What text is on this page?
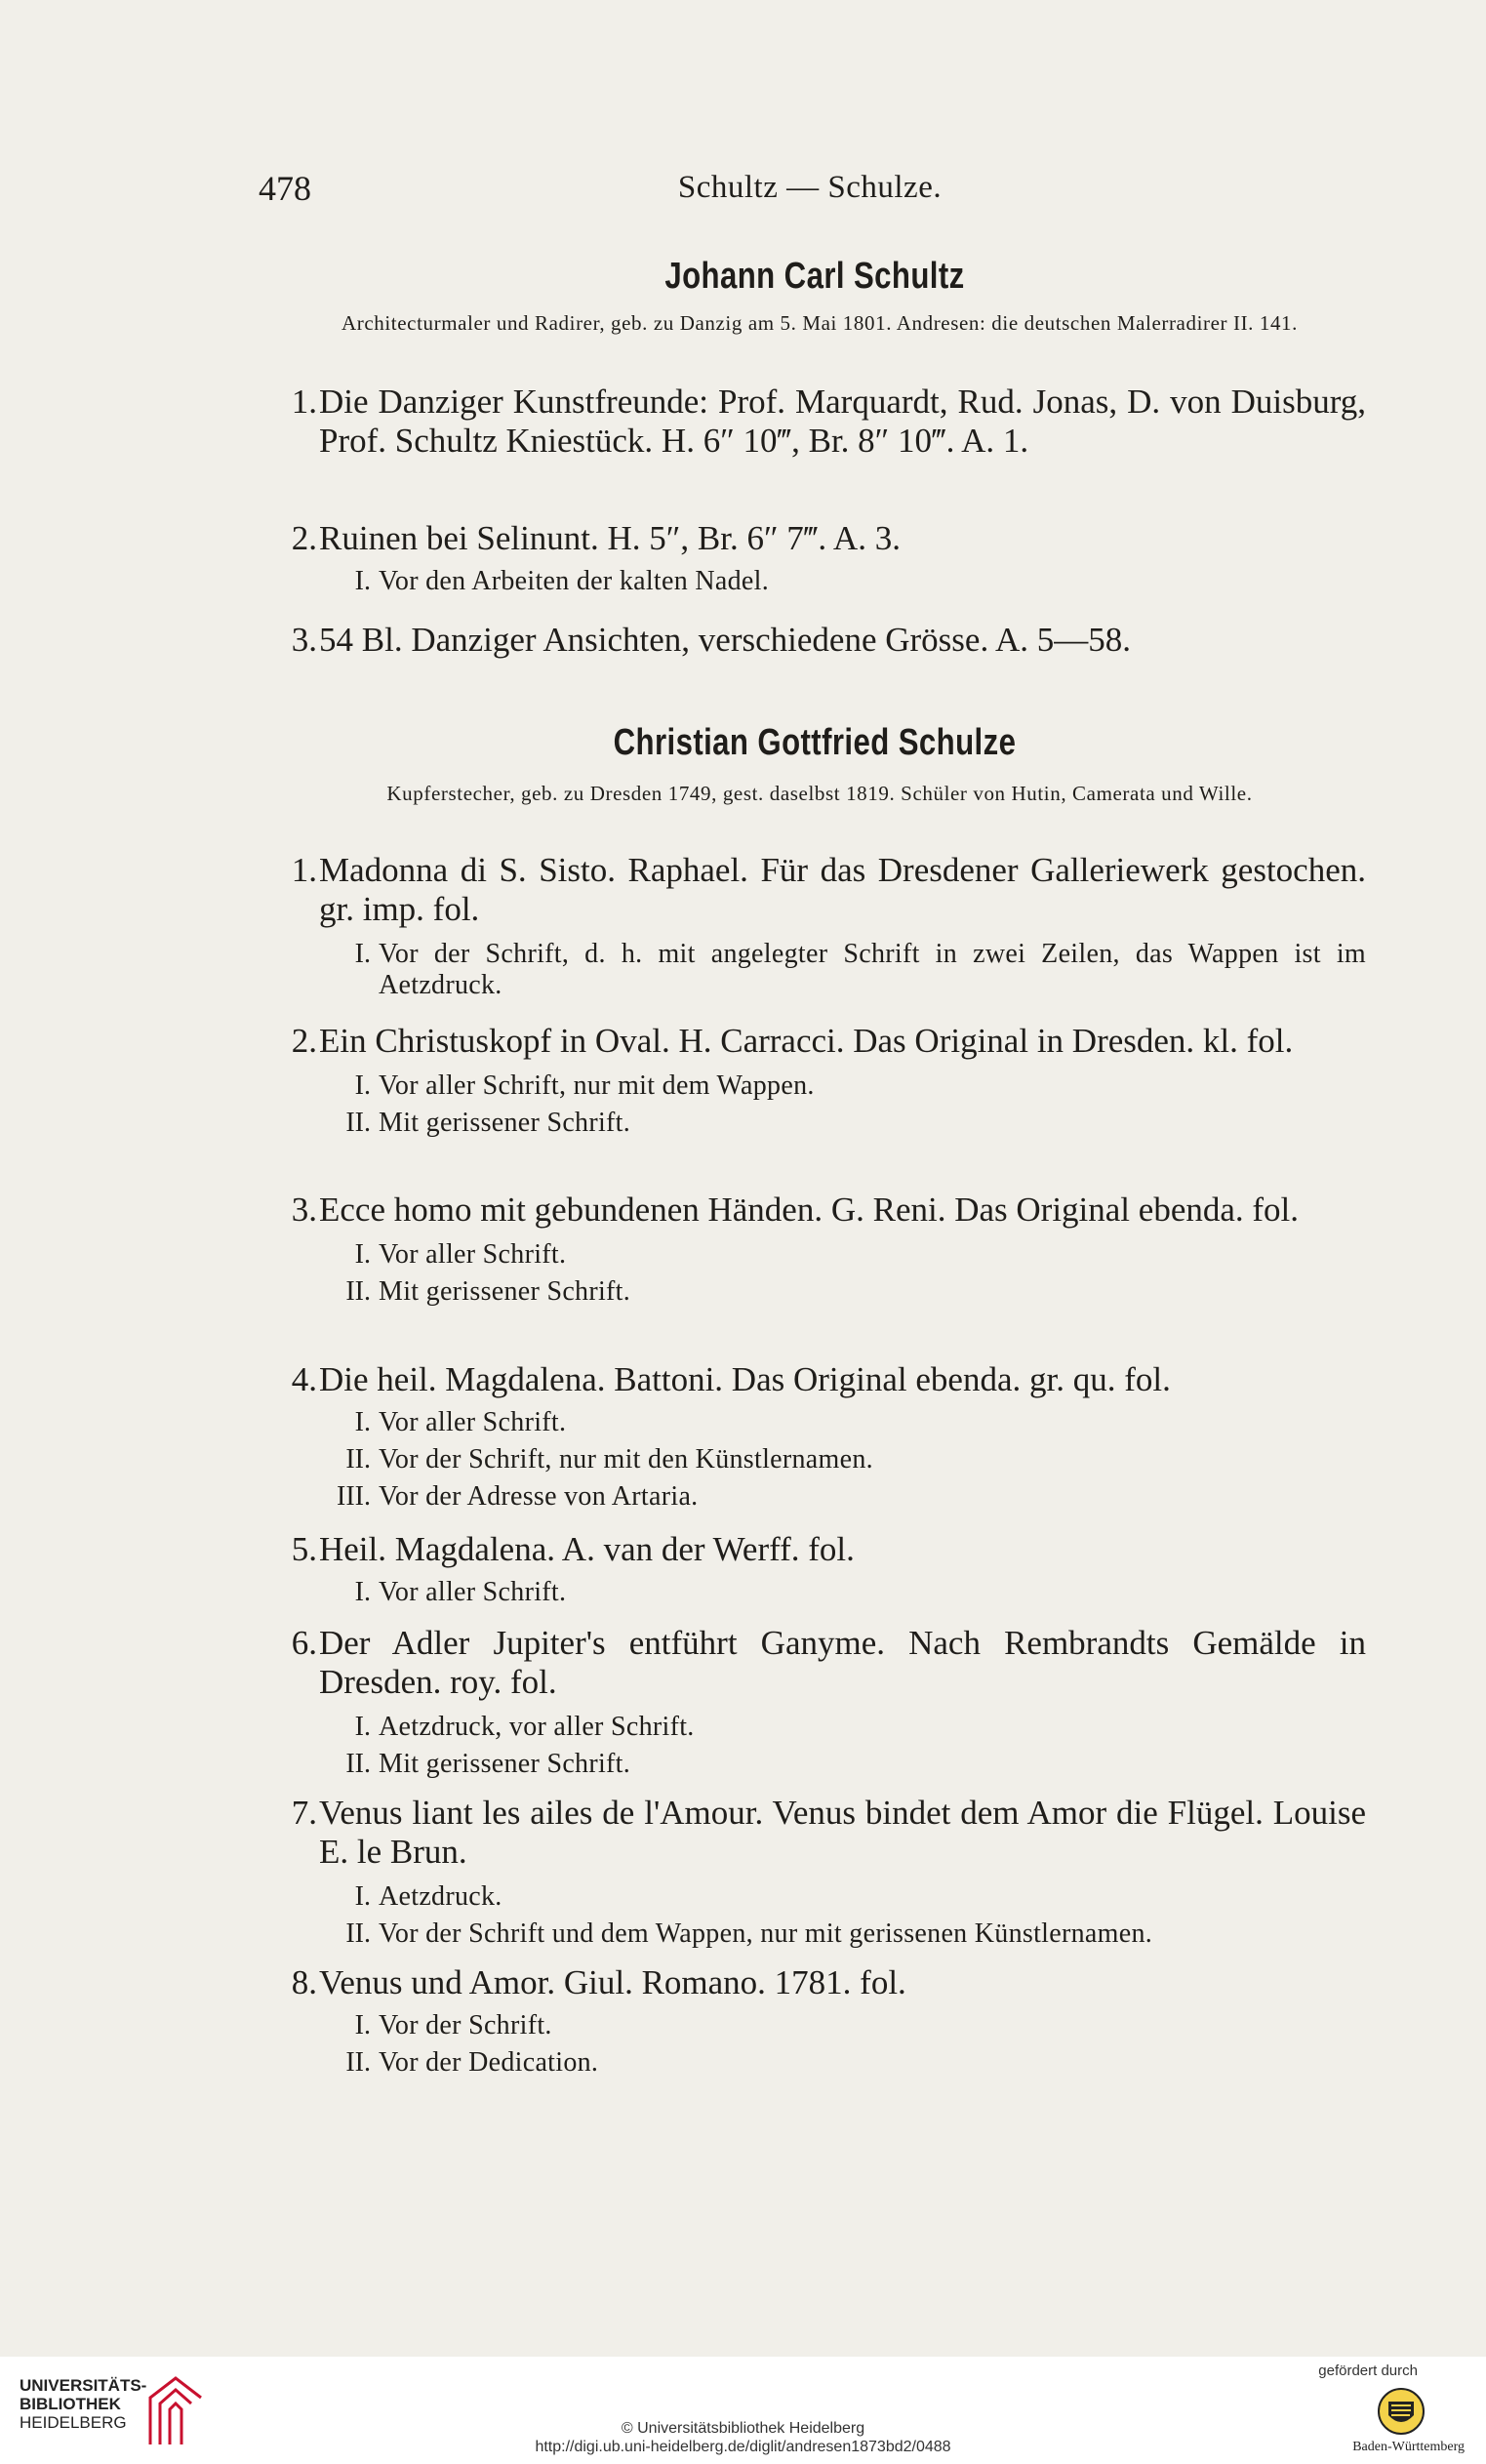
478	Schultz — Schulze.
Johann Carl Schultz
Architecturmaler und Radirer, geb. zu Danzig am 5. Mai 1801. Andresen: die deutschen Malerradirer II. 141.
1. Die Danziger Kunstfreunde: Prof. Marquardt, Rud. Jonas, D. von Duisburg, Prof. Schultz Kniestück. H. 6″ 10‴, Br. 8″ 10‴. A. 1.
2. Ruinen bei Selinunt. H. 5″, Br. 6″ 7‴. A. 3.
I. Vor den Arbeiten der kalten Nadel.
3. 54 Bl. Danziger Ansichten, verschiedene Grösse. A. 5—58.
Christian Gottfried Schulze
Kupferstecher, geb. zu Dresden 1749, gest. daselbst 1819. Schüler von Hutin, Camerata und Wille.
1. Madonna di S. Sisto. Raphael. Für das Dresdener Galleriewerk gestochen. gr. imp. fol.
I. Vor der Schrift, d. h. mit angelegter Schrift in zwei Zeilen, das Wappen ist im Aetzdruck.
2. Ein Christuskopf in Oval. H. Carracci. Das Original in Dresden. kl. fol.
I. Vor aller Schrift, nur mit dem Wappen.
II. Mit gerissener Schrift.
3. Ecce homo mit gebundenen Händen. G. Reni. Das Original ebenda. fol.
I. Vor aller Schrift.
II. Mit gerissener Schrift.
4. Die heil. Magdalena. Battoni. Das Original ebenda. gr. qu. fol.
I. Vor aller Schrift.
II. Vor der Schrift, nur mit den Künstlernamen.
III. Vor der Adresse von Artaria.
5. Heil. Magdalena. A. van der Werff. fol.
I. Vor aller Schrift.
6. Der Adler Jupiter's entführt Ganyme. Nach Rembrandts Gemälde in Dresden. roy. fol.
I. Aetzdruck, vor aller Schrift.
II. Mit gerissener Schrift.
7. Venus liant les ailes de l'Amour. Venus bindet dem Amor die Flügel. Louise E. le Brun.
I. Aetzdruck.
II. Vor der Schrift und dem Wappen, nur mit gerissenen Künstlernamen.
8. Venus und Amor. Giul. Romano. 1781. fol.
I. Vor der Schrift.
II. Vor der Dedication.
UNIVERSITÄTS-
BIBLIOTHEK
HEIDELBERG	© Universitätsbibliothek Heidelberg
http://digi.ub.uni-heidelberg.de/diglit/andresen1873bd2/0488
gefördert durch
Baden-Württemberg
